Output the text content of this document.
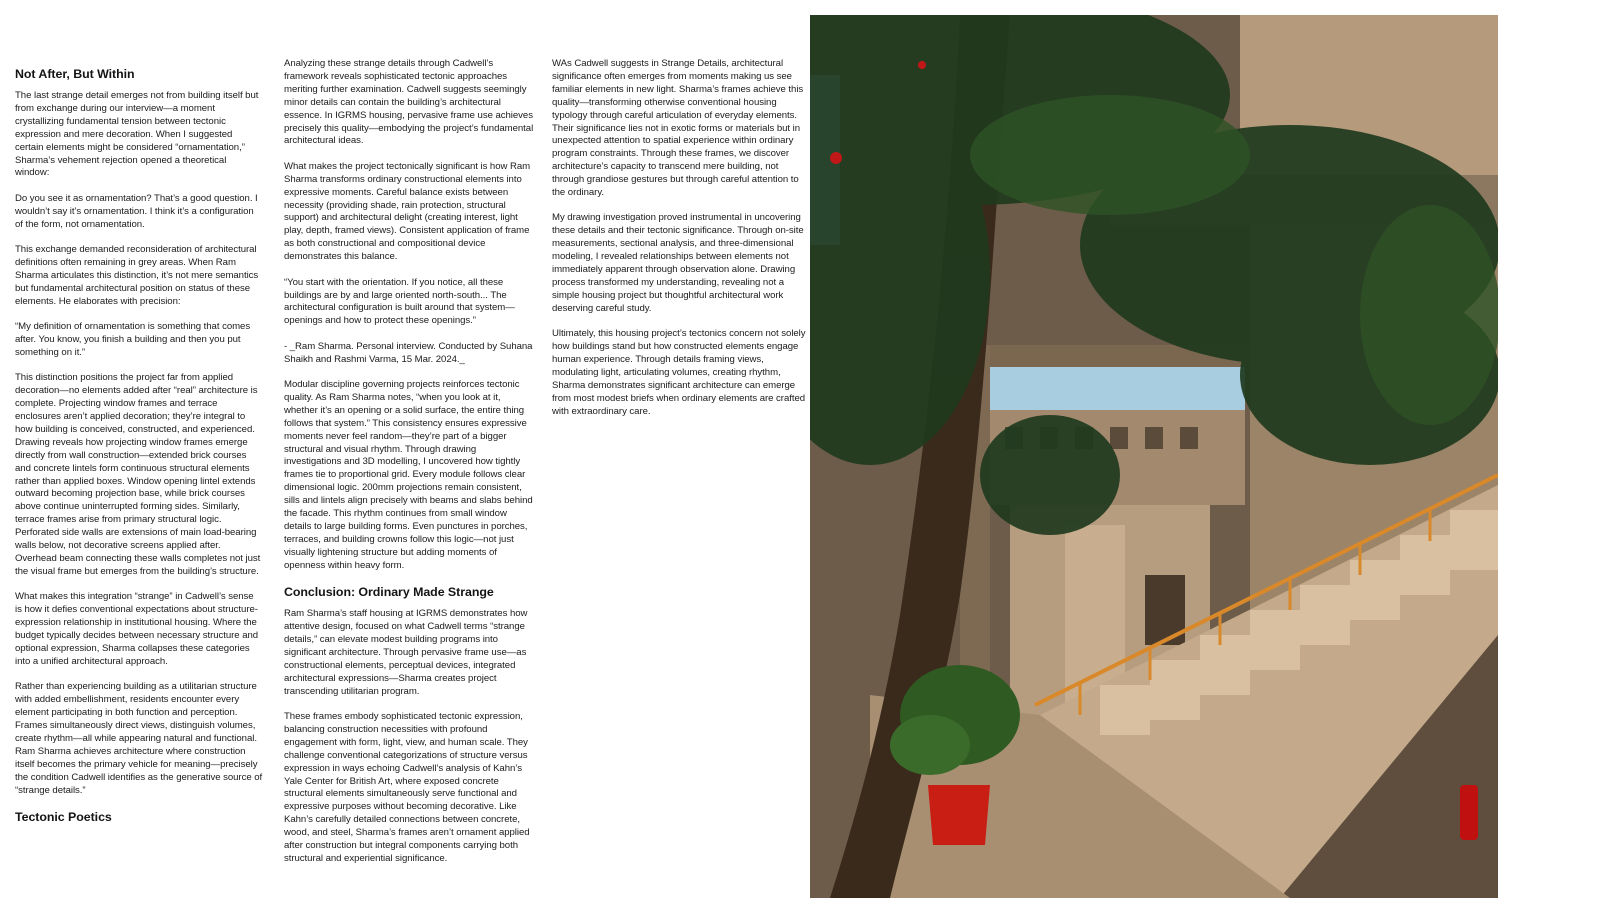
Not After, But Within

The last strange detail emerges not from building itself but from exchange during our interview—a moment crystallizing fundamental tension between tectonic expression and mere decoration. When I suggested certain elements might be considered “ornamentation,” Sharma’s vehement rejection opened a theoretical window:

Do you see it as ornamentation? That’s a good question. I wouldn’t say it’s ornamentation. I think it’s a configuration of the form, not ornamentation.

This exchange demanded reconsideration of architectural definitions often remaining in grey areas. When Ram Sharma articulates this distinction, it’s not mere semantics but fundamental architectural position on status of these elements. He elaborates with precision:

“My definition of ornamentation is something that comes after. You know, you finish a building and then you put something on it.”

This distinction positions the project far from applied decoration—no elements added after “real” architecture is complete. Projecting window frames and terrace enclosures aren’t applied decoration; they’re integral to how building is conceived, constructed, and experienced. Drawing reveals how projecting window frames emerge directly from wall construction—extended brick courses and concrete lintels form continuous structural elements rather than applied boxes. Window opening lintel extends outward becoming projection base, while brick courses above continue uninterrupted forming sides. Similarly, terrace frames arise from primary structural logic. Perforated side walls are extensions of main load-bearing walls below, not decorative screens applied after. Overhead beam connecting these walls completes not just the visual frame but emerges from the building’s structure.

What makes this integration “strange” in Cadwell’s sense is how it defies conventional expectations about structure-expression relationship in institutional housing. Where the budget typically decides between necessary structure and optional expression, Sharma collapses these categories into a unified architectural approach.

Rather than experiencing building as a utilitarian structure with added embellishment, residents encounter every element participating in both function and perception. Frames simultaneously direct views, distinguish volumes, create rhythm—all while appearing natural and functional. Ram Sharma achieves architecture where construction itself becomes the primary vehicle for meaning—precisely the condition Cadwell identifies as the generative source of “strange details.”

Tectonic Poetics

Analyzing these strange details through Cadwell’s framework reveals sophisticated tectonic approaches meriting further examination. Cadwell suggests seemingly minor details can contain the building’s architectural essence. In IGRMS housing, pervasive frame use achieves precisely this quality—embodying the project’s fundamental architectural ideas.

What makes the project tectonically significant is how Ram Sharma transforms ordinary constructional elements into expressive moments. Careful balance exists between necessity (providing shade, rain protection, structural support) and architectural delight (creating interest, light play, depth, framed views). Consistent application of frame as both constructional and compositional device demonstrates this balance.

“You start with the orientation. If you notice, all these buildings are by and large oriented north-south... The architectural configuration is built around that system—openings and how to protect these openings.”

- _Ram Sharma. Personal interview. Conducted by Suhana Shaikh and Rashmi Varma, 15 Mar. 2024._

Modular discipline governing projects reinforces tectonic quality. As Ram Sharma notes, “when you look at it, whether it’s an opening or a solid surface, the entire thing follows that system.” This consistency ensures expressive moments never feel random—they’re part of a bigger structural and visual rhythm. Through drawing investigations and 3D modelling, I uncovered how tightly frames tie to proportional grid. Every module follows clear dimensional logic. 200mm projections remain consistent, sills and lintels align precisely with beams and slabs behind the facade. This rhythm continues from small window details to large building forms. Even punctures in porches, terraces, and building crowns follow this logic—not just visually lightening structure but adding moments of openness within heavy form.

Conclusion: Ordinary Made Strange

Ram Sharma’s staff housing at IGRMS demonstrates how attentive design, focused on what Cadwell terms “strange details,” can elevate modest building programs into significant architecture. Through pervasive frame use—as constructional elements, perceptual devices, integrated architectural expressions—Sharma creates project transcending utilitarian program.

These frames embody sophisticated tectonic expression, balancing construction necessities with profound engagement with form, light, view, and human scale. They challenge conventional categorizations of structure versus expression in ways echoing Cadwell’s analysis of Kahn’s Yale Center for British Art, where exposed concrete structural elements simultaneously serve functional and expressive purposes without becoming decorative. Like Kahn’s carefully detailed connections between concrete, wood, and steel, Sharma’s frames aren’t ornament applied after construction but integral components carrying both structural and experiential significance.

WAs Cadwell suggests in Strange Details, architectural significance often emerges from moments making us see familiar elements in new light. Sharma’s frames achieve this quality—transforming otherwise conventional housing typology through careful articulation of everyday elements. Their significance lies not in exotic forms or materials but in unexpected attention to spatial experience within ordinary program constraints. Through these frames, we discover architecture’s capacity to transcend mere building, not through grandiose gestures but through careful attention to the ordinary.

My drawing investigation proved instrumental in uncovering these details and their tectonic significance. Through on-site measurements, sectional analysis, and three-dimensional modeling, I revealed relationships between elements not immediately apparent through observation alone. Drawing process transformed my understanding, revealing not a simple housing project but thoughtful architectural work deserving careful study.

Ultimately, this housing project’s tectonics concern not solely how buildings stand but how constructed elements engage human experience. Through details framing views, modulating light, articulating volumes, creating rhythm, Sharma demonstrates significant architecture can emerge from most modest briefs when ordinary elements are crafted with extraordinary care.
